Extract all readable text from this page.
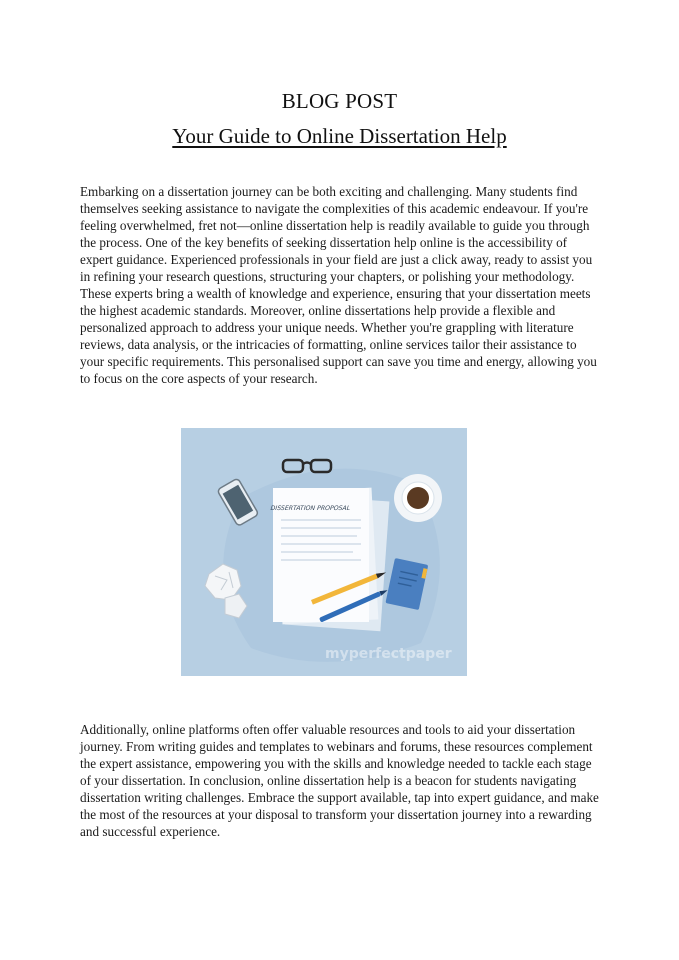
BLOG POST
Your Guide to Online Dissertation Help

Embarking on a dissertation journey can be both exciting and challenging. Many students find themselves seeking assistance to navigate the complexities of this academic endeavour. If you're feeling overwhelmed, fret not—online dissertation help is readily available to guide you through the process. One of the key benefits of seeking dissertation help online is the accessibility of expert guidance. Experienced professionals in your field are just a click away, ready to assist you in refining your research questions, structuring your chapters, or polishing your methodology. These experts bring a wealth of knowledge and experience, ensuring that your dissertation meets the highest academic standards. Moreover, online dissertations help provide a flexible and personalized approach to address your unique needs. Whether you're grappling with literature reviews, data analysis, or the intricacies of formatting, online services tailor their assistance to your specific requirements. This personalised support can save you time and energy, allowing you to focus on the core aspects of your research.

DISSERTATION PROPOSAL
myperfectpaper

Additionally, online platforms often offer valuable resources and tools to aid your dissertation journey. From writing guides and templates to webinars and forums, these resources complement the expert assistance, empowering you with the skills and knowledge needed to tackle each stage of your dissertation. In conclusion, online dissertation help is a beacon for students navigating dissertation writing challenges. Embrace the support available, tap into expert guidance, and make the most of the resources at your disposal to transform your dissertation journey into a rewarding and successful experience.
